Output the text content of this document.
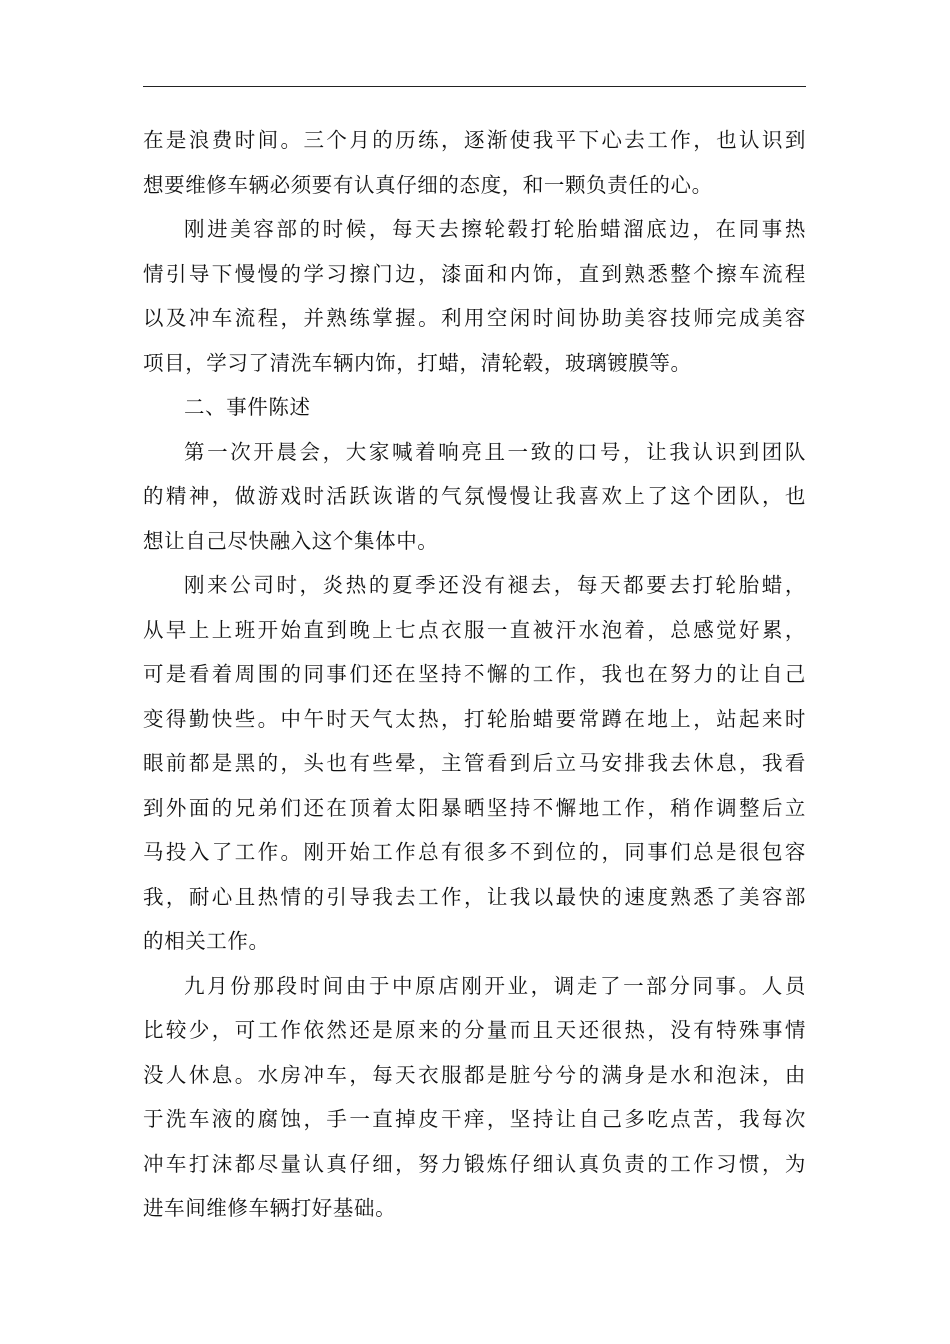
在是浪费时间。三个月的历练，逐渐使我平下心去工作，也认识到
想要维修车辆必须要有认真仔细的态度，和一颗负责任的心。

刚进美容部的时候，每天去擦轮毂打轮胎蜡溜底边，在同事热
情引导下慢慢的学习擦门边，漆面和内饰，直到熟悉整个擦车流程
以及冲车流程，并熟练掌握。利用空闲时间协助美容技师完成美容
项目，学习了清洗车辆内饰，打蜡，清轮毂，玻璃镀膜等。

二、事件陈述

第一次开晨会，大家喊着响亮且一致的口号，让我认识到团队
的精神，做游戏时活跃诙谐的气氛慢慢让我喜欢上了这个团队，也
想让自己尽快融入这个集体中。

刚来公司时，炎热的夏季还没有褪去，每天都要去打轮胎蜡，
从早上上班开始直到晚上七点衣服一直被汗水泡着，总感觉好累，
可是看着周围的同事们还在坚持不懈的工作，我也在努力的让自己
变得勤快些。中午时天气太热，打轮胎蜡要常蹲在地上，站起来时
眼前都是黑的，头也有些晕，主管看到后立马安排我去休息，我看
到外面的兄弟们还在顶着太阳暴晒坚持不懈地工作，稍作调整后立
马投入了工作。刚开始工作总有很多不到位的，同事们总是很包容
我，耐心且热情的引导我去工作，让我以最快的速度熟悉了美容部
的相关工作。

九月份那段时间由于中原店刚开业，调走了一部分同事。人员
比较少，可工作依然还是原来的分量而且天还很热，没有特殊事情
没人休息。水房冲车，每天衣服都是脏兮兮的满身是水和泡沫，由
于洗车液的腐蚀，手一直掉皮干痒，坚持让自己多吃点苦，我每次
冲车打沫都尽量认真仔细，努力锻炼仔细认真负责的工作习惯，为
进车间维修车辆打好基础。
